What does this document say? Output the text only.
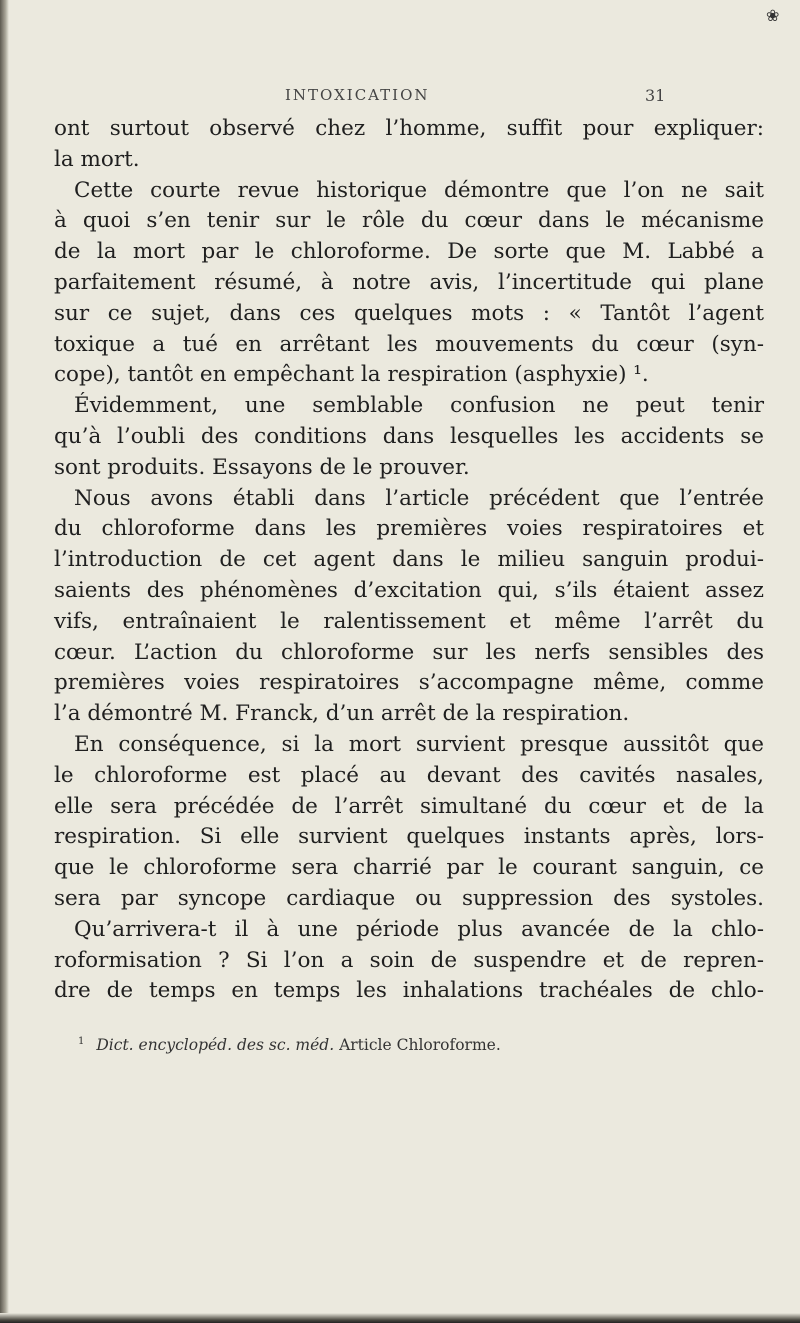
❀
INTOXICATION	31
ont surtout observé chez l’homme, suffit pour expliquer:
la mort.
Cette courte revue historique démontre que l’on ne sait
à quoi s’en tenir sur le rôle du cœur dans le mécanisme
de la mort par le chloroforme. De sorte que M. Labbé a
parfaitement résumé, à notre avis, l’incertitude qui plane
sur ce sujet, dans ces quelques mots : « Tantôt l’agent
toxique a tué en arrêtant les mouvements du cœur (syn-
cope), tantôt en empêchant la respiration (asphyxie) ¹.
Évidemment, une semblable confusion ne peut tenir
qu’à l’oubli des conditions dans lesquelles les accidents se
sont produits. Essayons de le prouver.
Nous avons établi dans l’article précédent que l’entrée
du chloroforme dans les premières voies respiratoires et
l’introduction de cet agent dans le milieu sanguin produi-
saients des phénomènes d’excitation qui, s’ils étaient assez
vifs, entraînaient le ralentissement et même l’arrêt du
cœur. L’action du chloroforme sur les nerfs sensibles des
premières voies respiratoires s’accompagne même, comme
l’a démontré M. Franck, d’un arrêt de la respiration.
En conséquence, si la mort survient presque aussitôt que
le chloroforme est placé au devant des cavités nasales,
elle sera précédée de l’arrêt simultané du cœur et de la
respiration. Si elle survient quelques instants après, lors-
que le chloroforme sera charrié par le courant sanguin, ce
sera par syncope cardiaque ou suppression des systoles.
Qu’arrivera-t il à une période plus avancée de la chlo-
roformisation ? Si l’on a soin de suspendre et de repren-
dre de temps en temps les inhalations trachéales de chlo-
$^1$ Dict. encyclopéd. des sc. méd. Article Chloroforme.
